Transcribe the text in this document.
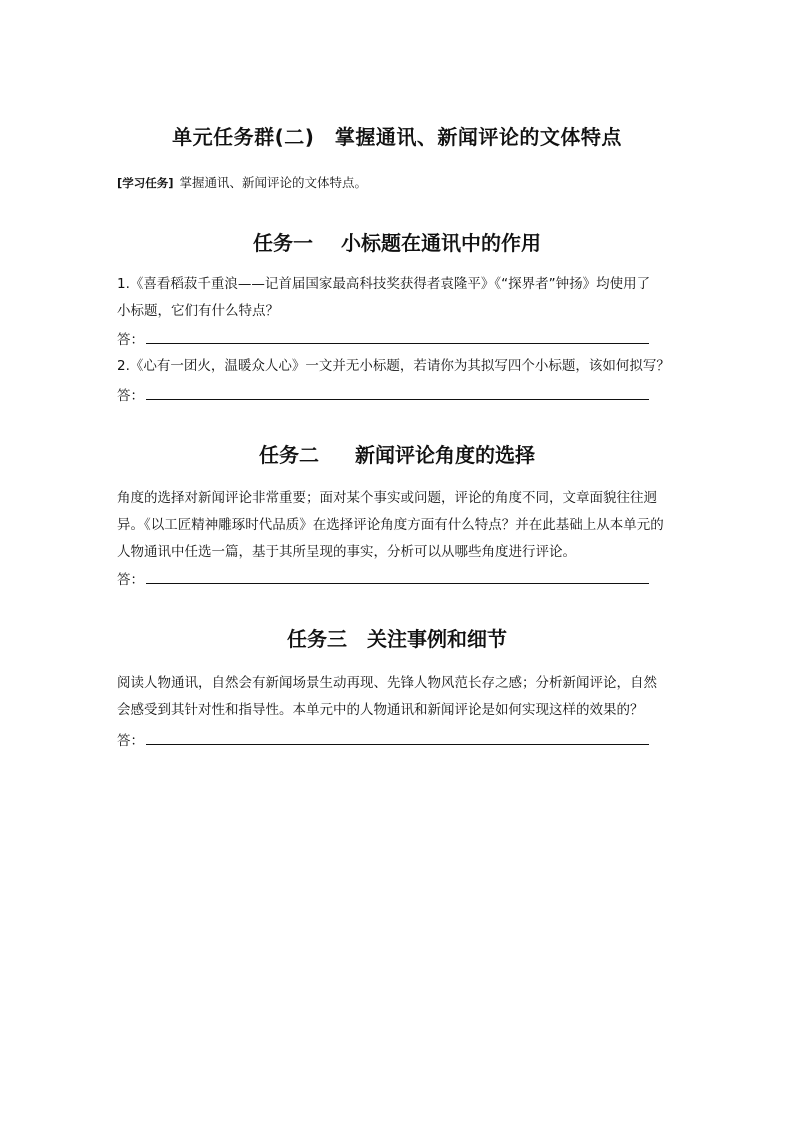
单元任务群(二)　掌握通讯、新闻评论的文体特点
[学习任务] 掌握通讯、新闻评论的文体特点。
任务一 小标题在通讯中的作用
1.《喜看稻菽千重浪——记首届国家最高科技奖获得者袁隆平》《“探界者”钟扬》均使用了
小标题，它们有什么特点？
答：
2.《心有一团火，温暖众人心》一文并无小标题，若请你为其拟写四个小标题，该如何拟写？
答：
任务二 新闻评论角度的选择
角度的选择对新闻评论非常重要；面对某个事实或问题，评论的角度不同，文章面貌往往迥
异。《以工匠精神雕琢时代品质》在选择评论角度方面有什么特点？并在此基础上从本单元的
人物通讯中任选一篇，基于其所呈现的事实，分析可以从哪些角度进行评论。
答：
任务三 关注事例和细节
阅读人物通讯，自然会有新闻场景生动再现、先锋人物风范长存之感；分析新闻评论，自然
会感受到其针对性和指导性。本单元中的人物通讯和新闻评论是如何实现这样的效果的？
答：
